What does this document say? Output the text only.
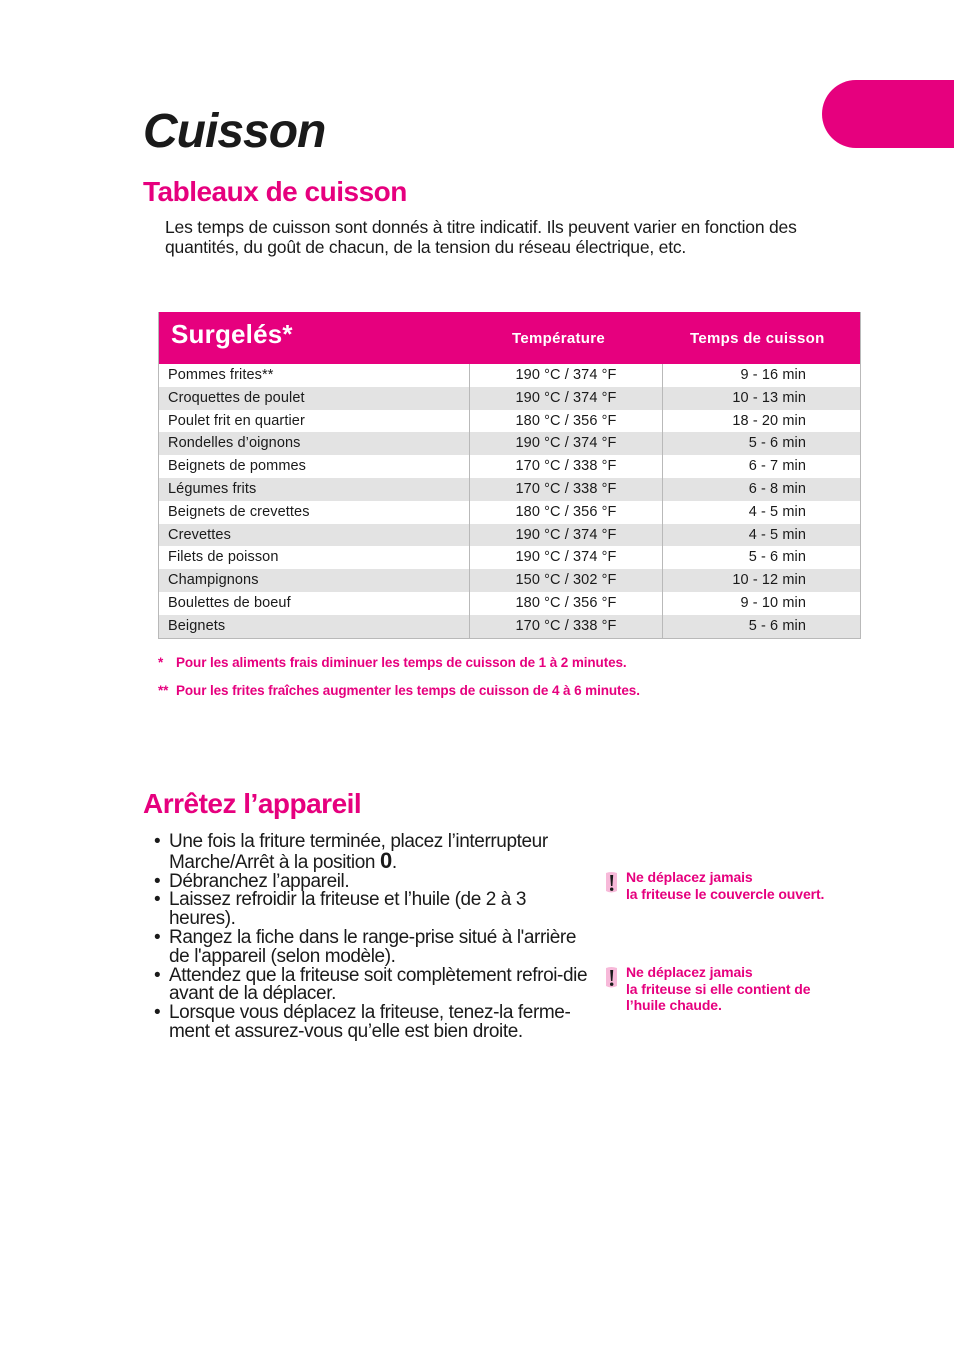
Cuisson
Tableaux de cuisson

Les temps de cuisson sont donnés à titre indicatif. Ils peuvent varier en fonction des quantités, du goût de chacun, de la tension du réseau électrique, etc.

Surgelés*	Température	Temps de cuisson
Pommes frites**	190 °C / 374 °F	9 - 16 min
Croquettes de poulet	190 °C / 374 °F	10 - 13 min
Poulet frit en quartier	180 °C / 356 °F	18 - 20 min
Rondelles d’oignons	190 °C / 374 °F	5 - 6 min
Beignets de pommes	170 °C / 338 °F	6 - 7 min
Légumes frits	170 °C / 338 °F	6 - 8 min
Beignets de crevettes	180 °C / 356 °F	4 - 5 min
Crevettes	190 °C / 374 °F	4 - 5 min
Filets de poisson	190 °C / 374 °F	5 - 6 min
Champignons	150 °C / 302 °F	10 - 12 min
Boulettes de boeuf	180 °C / 356 °F	9 - 10 min
Beignets	170 °C / 338 °F	5 - 6 min

* Pour les aliments frais diminuer les temps de cuisson de 1 à 2 minutes.

** Pour les frites fraîches augmenter les temps de cuisson de 4 à 6 minutes.

Arrêtez l’appareil
• Une fois la friture terminée, placez l’interrupteur Marche/Arrêt à la position 0.
• Débranchez l’appareil.
• Laissez refroidir la friteuse et l’huile (de 2 à 3 heures).
• Rangez la fiche dans le range-prise situé à l'arrière de l'appareil (selon modèle).
• Attendez que la friteuse soit complètement refroi-die avant de la déplacer.
• Lorsque vous déplacez la friteuse, tenez-la ferme-ment et assurez-vous qu’elle est bien droite.
Ne déplacez jamais
la friteuse le couvercle ouvert.
Ne déplacez jamais
la friteuse si elle contient de
l’huile chaude.
